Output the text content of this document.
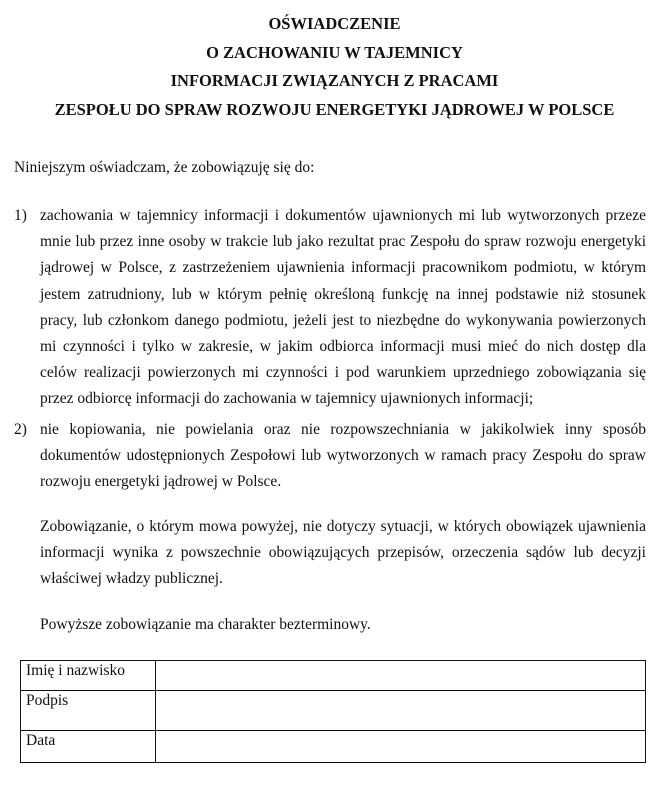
OŚWIADCZENIE
O ZACHOWANIU W TAJEMNICY
INFORMACJI ZWIĄZANYCH Z PRACAMI
ZESPOŁU DO SPRAW ROZWOJU ENERGETYKI JĄDROWEJ W POLSCE
Niniejszym oświadczam, że zobowiązuję się do:
1) zachowania w tajemnicy informacji i dokumentów ujawnionych mi lub wytworzonych przeze mnie lub przez inne osoby w trakcie lub jako rezultat prac Zespołu do spraw rozwoju energetyki jądrowej w Polsce, z zastrzeżeniem ujawnienia informacji pracownikom podmiotu, w którym jestem zatrudniony, lub w którym pełnię określoną funkcję na innej podstawie niż stosunek pracy, lub członkom danego podmiotu, jeżeli jest to niezbędne do wykonywania powierzonych mi czynności i tylko w zakresie, w jakim odbiorca informacji musi mieć do nich dostęp dla celów realizacji powierzonych mi czynności i pod warunkiem uprzedniego zobowiązania się przez odbiorcę informacji do zachowania w tajemnicy ujawnionych informacji;
2) nie kopiowania, nie powielania oraz nie rozpowszechniania w jakikolwiek inny sposób dokumentów udostępnionych Zespołowi lub wytworzonych w ramach pracy Zespołu do spraw rozwoju energetyki jądrowej w Polsce.
Zobowiązanie, o którym mowa powyżej, nie dotyczy sytuacji, w których obowiązek ujawnienia informacji wynika z powszechnie obowiązujących przepisów, orzeczenia sądów lub decyzji właściwej władzy publicznej.
Powyższe zobowiązanie ma charakter bezterminowy.
Imię i nazwisko	
Podpis	
Data	
